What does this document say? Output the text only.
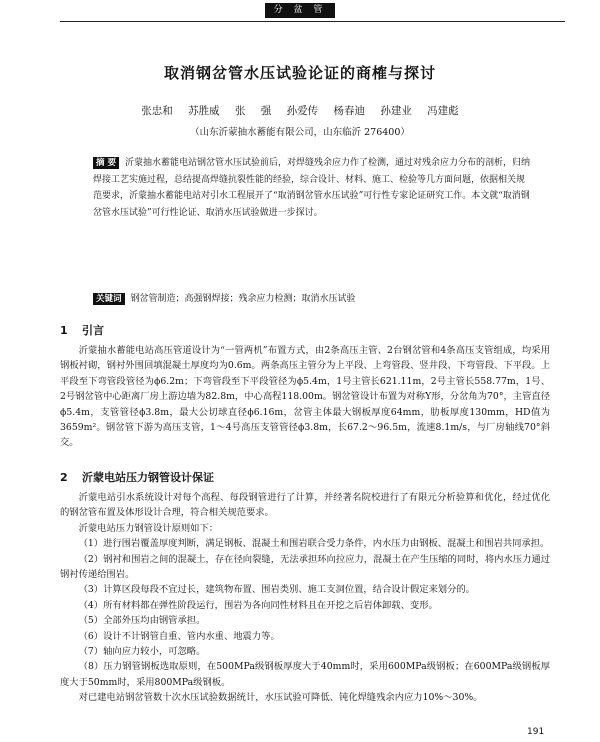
分 盆 管
取消钢岔管水压试验论证的商榷与探讨
张忠和 苏胜威 张 强 孙爱传 杨春迪 孙建业 冯建彪
（山东沂蒙抽水蓄能有限公司，山东临沂 276400）

摘 要 沂蒙抽水蓄能电站钢岔管水压试验前后，对焊缝残余应力作了检测，通过对残余应力分布的剖析，归纳焊接工艺实施过程，总结提高焊缝抗裂性能的经验，综合设计、材料、施工、检验等几方面问题，依据相关规范要求，沂蒙抽水蓄能电站对引水工程展开了“取消钢岔管水压试验”可行性专家论证研究工作。本文就“取消钢岔管水压试验”可行性论证、取消水压试验做进一步探讨。

关键词 钢岔管制造；高强钢焊接；残余应力检测；取消水压试验

1 引言

沂蒙抽水蓄能电站高压管道设计为“一管两机”布置方式，由2条高压主管、2台钢岔管和4条高压支管组成，均采用钢板衬砌，钢衬外围回填混凝土厚度均为0.6m。两条高压主管分为上平段、上弯管段、竖井段、下弯管段、下平段。上平段至下弯管段管径为ϕ6.2m；下弯管段至下平段管径为ϕ5.4m，1号主管长621.11m，2号主管长558.77m，1号、2号钢岔管中心距离厂房上游边墙为82.8m，中心高程118.00m。钢岔管设计布置为对称Y形，分岔角为70°，主管直径ϕ5.4m，支管管径ϕ3.8m，最大公切球直径ϕ6.16m，岔管主体最大钢板厚度64mm，肋板厚度130mm，HD值为3659m²。钢岔管下游为高压支管，1～4号高压支管管径ϕ3.8m，长67.2～96.5m，流速8.1m/s，与厂房轴线70°斜交。

2 沂蒙电站压力钢管设计保证

沂蒙电站引水系统设计对每个高程、每段钢管进行了计算，并经著名院校进行了有限元分析验算和优化，经过优化的钢岔管布置及体形设计合理，符合相关规范要求。

沂蒙电站压力钢管设计原则如下：

（1）进行围岩覆盖厚度判断，满足钢板、混凝土和围岩联合受力条件，内水压力由钢板、混凝土和围岩共同承担。

（2）钢衬和围岩之间的混凝土，存在径向裂缝，无法承担环向拉应力，混凝土在产生压缩的同时，将内水压力通过钢衬传递给围岩。

（3）计算区段每段不宜过长，建筑物布置、围岩类别、施工支洞位置，结合设计假定来划分的。

（4）所有材料都在弹性阶段运行，围岩为各向同性材料且在开挖之后岩体卸载、变形。

（5）全部外压均由钢管承担。

（6）设计不计钢管自重、管内水重、地震力等。

（7）轴向应力较小，可忽略。

（8）压力钢管钢板选取原则，在500MPa级钢板厚度大于40mm时，采用600MPa级钢板；在600MPa级钢板厚度大于50mm时，采用800MPa级钢板。

对已建电站钢岔管数十次水压试验数据统计，水压试验可降低、钝化焊缝残余内应力10%～30%。

191
